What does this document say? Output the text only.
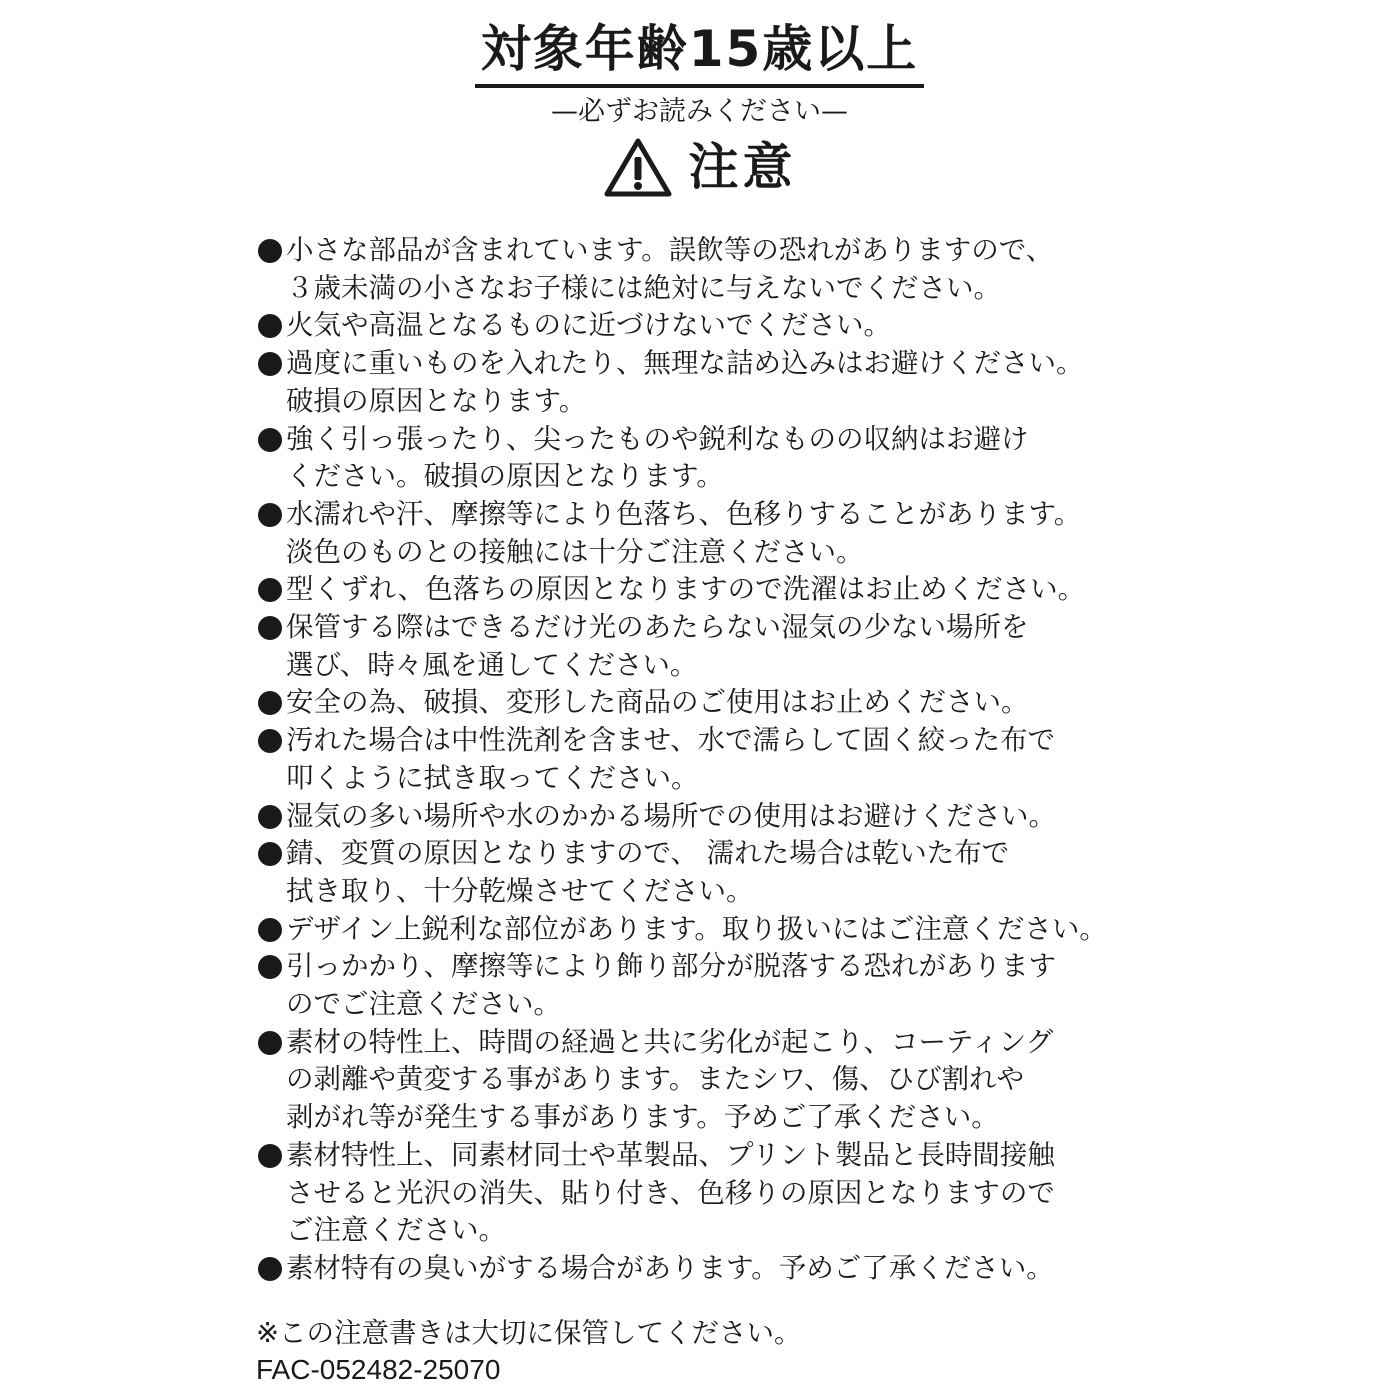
対象年齢15歳以上
—必ずお読みください—
注意
小さな部品が含まれています。誤飲等の恐れがありますので、
３歳未満の小さなお子様には絶対に与えないでください。
火気や高温となるものに近づけないでください。
過度に重いものを入れたり、無理な詰め込みはお避けください。
破損の原因となります。
強く引っ張ったり、尖ったものや鋭利なものの収納はお避け
ください。破損の原因となります。
水濡れや汗、摩擦等により色落ち、色移りすることがあります。
淡色のものとの接触には十分ご注意ください。
型くずれ、色落ちの原因となりますので洗濯はお止めください。
保管する際はできるだけ光のあたらない湿気の少ない場所を
選び、時々風を通してください。
安全の為、破損、変形した商品のご使用はお止めください。
汚れた場合は中性洗剤を含ませ、水で濡らして固く絞った布で
叩くように拭き取ってください。
湿気の多い場所や水のかかる場所での使用はお避けください。
錆、変質の原因となりますので、 濡れた場合は乾いた布で
拭き取り、十分乾燥させてください。
デザイン上鋭利な部位があります。取り扱いにはご注意ください。
引っかかり、摩擦等により飾り部分が脱落する恐れがあります
のでご注意ください。
素材の特性上、時間の経過と共に劣化が起こり、コーティング
の剥離や黄変する事があります。またシワ、傷、ひび割れや
剥がれ等が発生する事があります。予めご了承ください。
素材特性上、同素材同士や革製品、プリント製品と長時間接触
させると光沢の消失、貼り付き、色移りの原因となりますので
ご注意ください。
素材特有の臭いがする場合があります。予めご了承ください。
※この注意書きは大切に保管してください。
FAC-052482-25070
